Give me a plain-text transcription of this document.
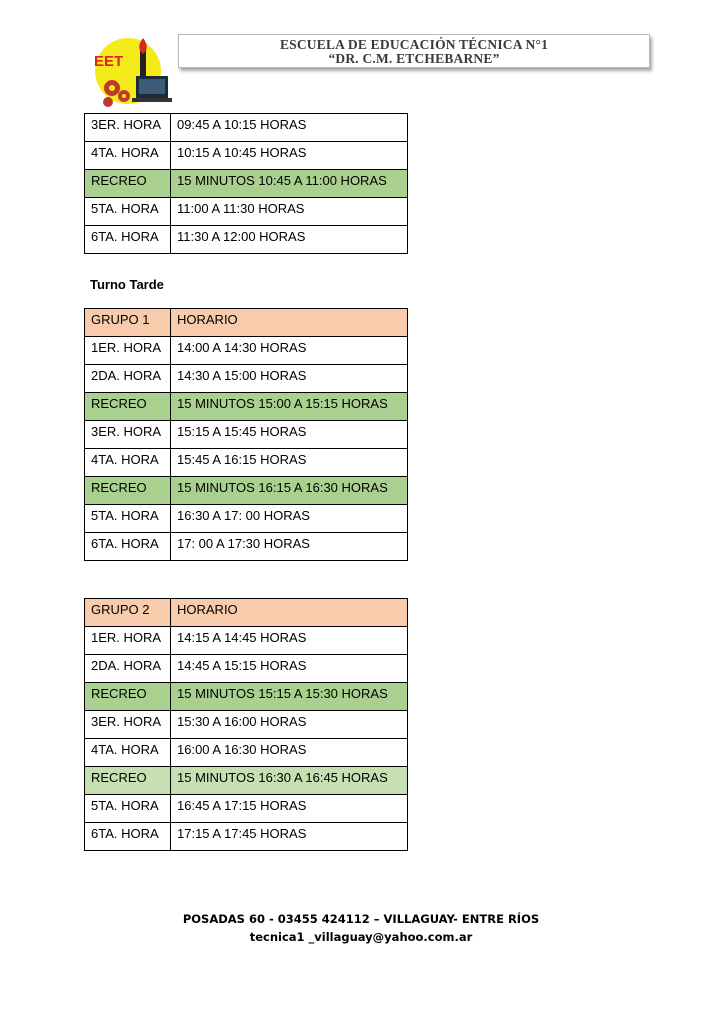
EET
ESCUELA DE EDUCACIÓN TÉCNICA N°1
“DR. C.M. ETCHEBARNE”
3ER. HORA	09:45 A 10:15 HORAS
4TA. HORA	10:15 A 10:45 HORAS
RECREO	15 MINUTOS 10:45 A 11:00 HORAS
5TA. HORA	11:00 A 11:30 HORAS
6TA. HORA	11:30 A 12:00 HORAS
Turno Tarde
GRUPO 1	HORARIO
1ER. HORA	14:00 A 14:30 HORAS
2DA. HORA	14:30 A 15:00 HORAS
RECREO	15 MINUTOS 15:00 A 15:15 HORAS
3ER. HORA	15:15 A 15:45 HORAS
4TA. HORA	15:45 A 16:15 HORAS
RECREO	15 MINUTOS 16:15 A 16:30 HORAS
5TA. HORA	16:30 A 17: 00 HORAS
6TA. HORA	17: 00 A 17:30 HORAS
GRUPO 2	HORARIO
1ER. HORA	14:15 A 14:45 HORAS
2DA. HORA	14:45 A 15:15 HORAS
RECREO	15 MINUTOS 15:15 A 15:30 HORAS
3ER. HORA	15:30 A 16:00 HORAS
4TA. HORA	16:00 A 16:30 HORAS
RECREO	15 MINUTOS 16:30 A 16:45 HORAS
5TA. HORA	16:45 A 17:15 HORAS
6TA. HORA	17:15 A 17:45 HORAS
POSADAS 60 - 03455 424112 – VILLAGUAY- ENTRE RÍOS
tecnica1 _villaguay@yahoo.com.ar
